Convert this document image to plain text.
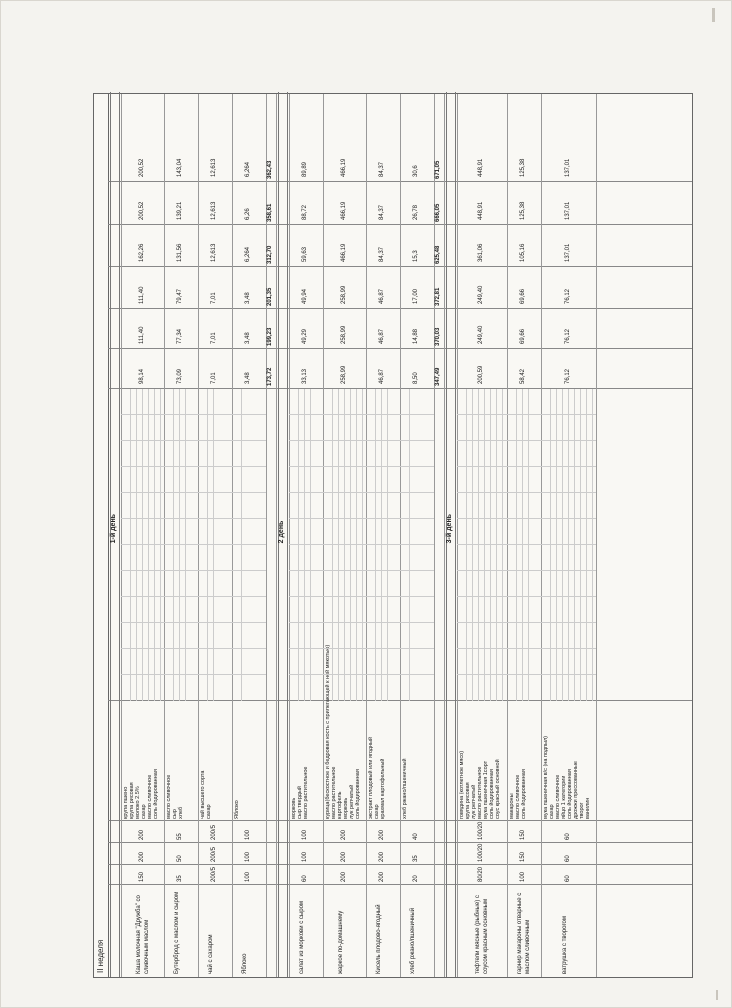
II неделя
1-й день
Каша молочная "Дружба" со сливочным маслом
150
200
200
крупа пшено крупа рисовая молоко 2.5% сахар масло сливочное соль йодированная
98,14
111,40
111,40
162,26
200,52
200,52
Бутерброд с маслом и сыром
35
50
55
масло сливочное сыр хлеб
73,09
77,34
79,47
131,56
139,21
143,04
чай с сахаром
200/5
200/5
200/5
чай высшего сорта сахар
7,01
7,01
7,01
12,613
12,613
12,613
Яблоко
100
100
100
Яблоко
3,48
3,48
3,48
6,264
6,26
6,264
173,72
199,23
201,35
312,70
358,61
362,43
2 день
салат из моркови с сыром
60
100
100
морковь сыр твердый масло растительное
33,13
49,29
49,94
59,63
88,72
89,89
жаркое по-домашнему
200
200
200
курица(бескостное и бедровая кость с прилегающей к ней мякотью) масло растительное картофель морковь лук репчатый соль йодированная
258,99
258,99
258,99
466,19
466,19
466,19
Кисель плодово-ягодный
200
200
200
экстракт плодовый или ягодный сахар крахмал картофельный
46,87
46,87
46,87
84,37
84,37
84,37
хлеб ржано/пшеничный
20
35
40
хлеб ржано/пшеничный
8,50
14,88
17,00
15,3
26,78
30,6
347,49
370,03
372,81
625,48
666,05
671,05
3-й день
тефтели мясные (рыбные) с соусом красным основным
80/20
100/20
100/20
говядина (котлетное мясо) крупа рисовая лук репчатый масло растительное мука пшеничная 1сорт соль йодированная соус красный основной
200,59
249,40
249,40
361,06
448,91
448,91
гарнир макароны отварные с маслом сливочным
100
150
150
макароны масло сливочное соль йодированная
58,42
69,66
69,66
105,16
125,38
125,38
ватрушка с творогом
60
60
60
мука пшеничная в/с (на подпыл) сахар масло сливочное яйцо 1 категории соль йодированная дрожжи прессованные творог ванилин
76,12
76,12
76,12
137,01
137,01
137,01
